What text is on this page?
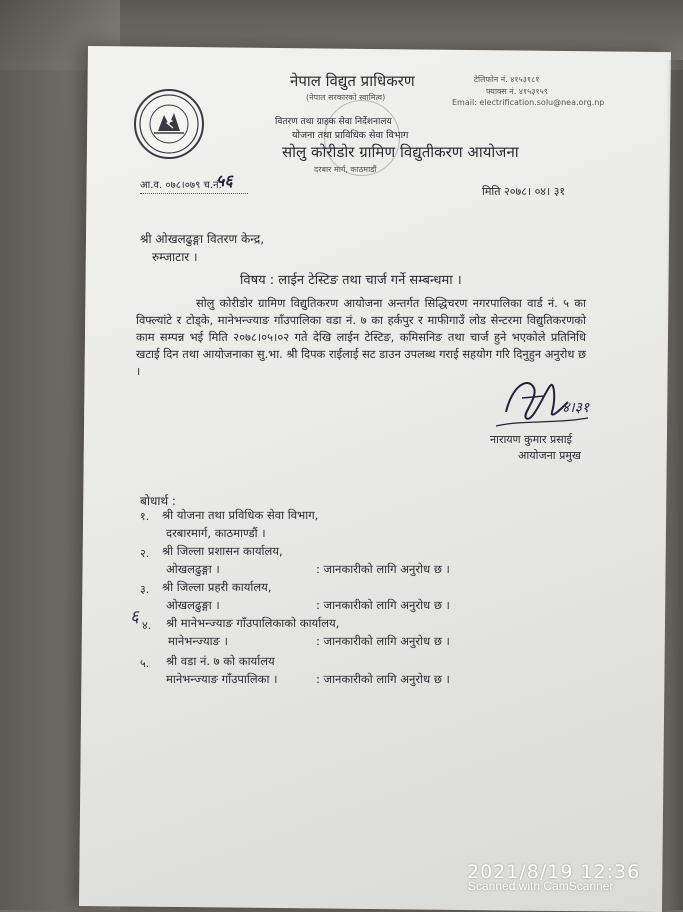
नेपाल विद्युत प्राधिकरण
(नेपाल सरकारको स्वामित्व)
वितरण तथा ग्राहक सेवा निर्देशनालय
योजना तथा प्राविधिक सेवा विभाग
सोलु कोरीडोर ग्रामिण विद्युतीकरण आयोजना
दरबार मार्ग, काठमाडौं
टेलिफोन नं. ४१५३१८१
फ्याक्स नं. ४१५३१५९
Email: electrification.solu@nea.org.np
आ.व. ०७८।०७९ च.नं.
५६
मिति २०७८। ०४। ३१
श्री ओखलढुङ्गा वितरण केन्द्र,
रुम्जाटार ।
विषय : लाईन टेस्टिङ तथा चार्ज गर्ने सम्बन्धमा ।
सोलु कोरीडोर ग्रामिण विद्युतिकरण आयोजना अन्तर्गत सिद्धिचरण नगरपालिका वार्ड नं. ५ का विफ्ल्यांटे र टोड्के, मानेभन्ज्याङ गाँउपालिका वडा नं. ७ का हर्कपुर र माफीगाउँ लोड सेन्टरमा विद्युतिकरणको काम सम्पन्न भई मिति २०७८।०५।०२ गते देखि लाईन टेस्टिङ, कमिसनिङ तथा चार्ज हुने भएकोले प्रतिनिधि खटाई दिन तथा आयोजनाका सु.भा. श्री दिपक राईलाई सट डाउन उपलब्ध गराई सहयोग गरि दिनुहुन अनुरोध छ ।
४।३१
नारायण कुमार प्रसाई
आयोजना प्रमुख
बोधार्थ :
१. श्री योजना तथा प्रविधिक सेवा विभाग,
दरबारमार्ग, काठमाण्डौं ।
२. श्री जिल्ला प्रशासन कार्यालय,
ओखलढुङ्गा ।	: जानकारीको लागि अनुरोध छ ।
३. श्री जिल्ला प्रहरी कार्यालय,
ओखलढुङ्गा ।	: जानकारीको लागि अनुरोध छ ।
६ ४. श्री मानेभन्ज्याङ गाँउपालिकाको कार्यालय,
मानेभन्ज्याङ ।	: जानकारीको लागि अनुरोध छ ।
५. श्री वडा नं. ७ को कार्यालय
मानेभन्ज्याङ गाँउपालिका ।	: जानकारीको लागि अनुरोध छ ।
2021/8/19 12:36
Scanned with CamScanner
